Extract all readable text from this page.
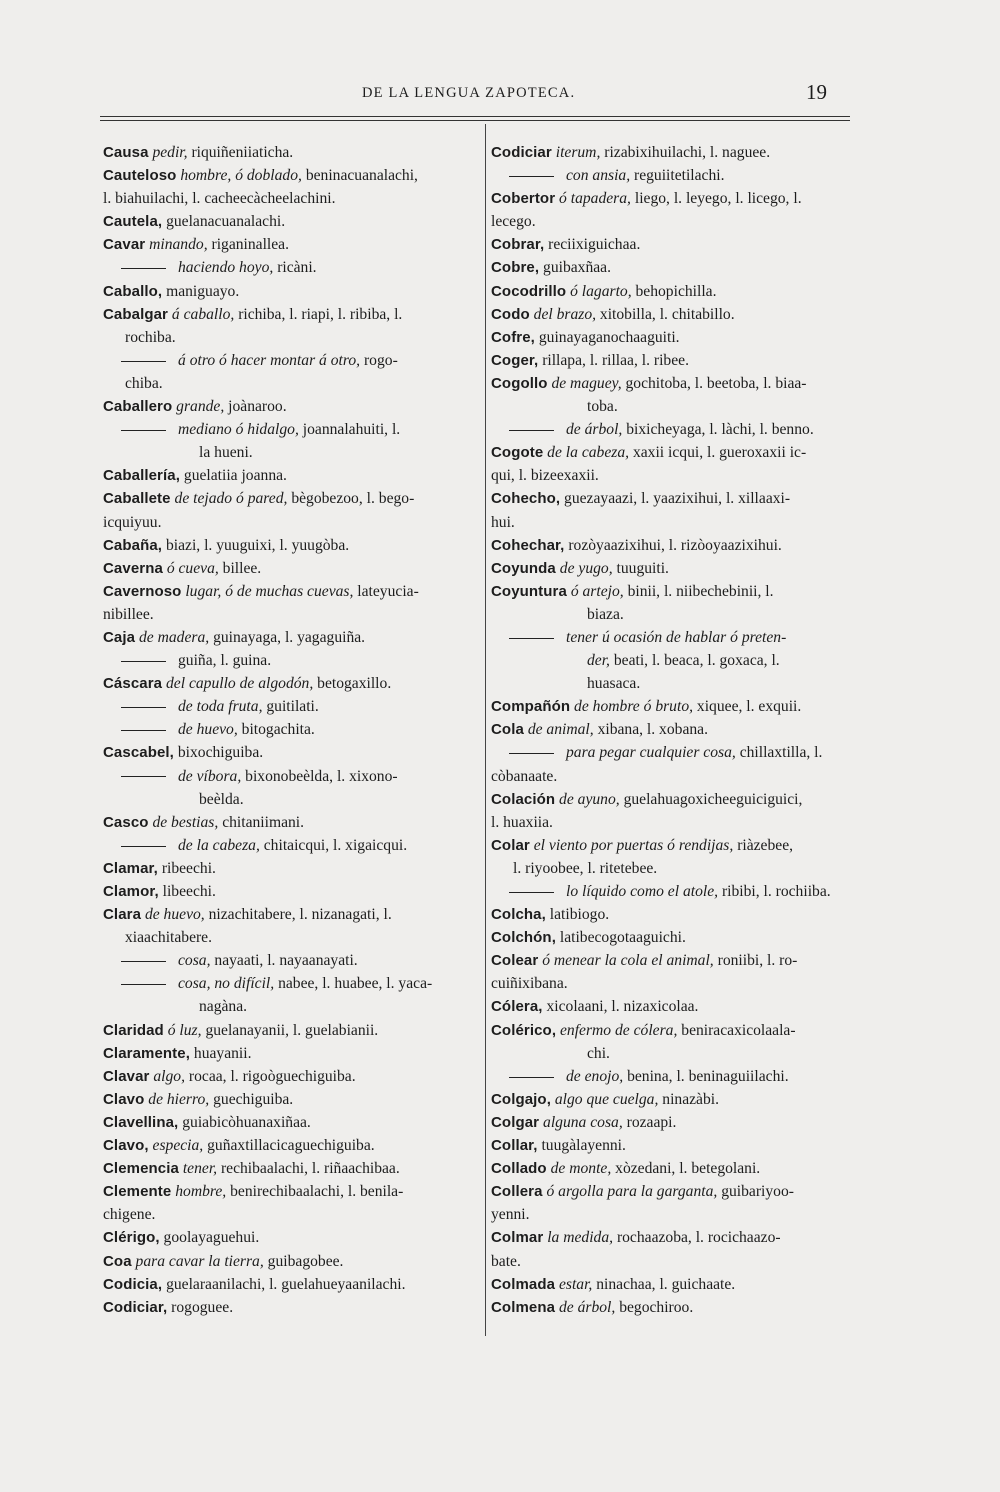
DE LA LENGUA ZAPOTECA.	19
Causa pedir, riquiñeniiaticha.
Cauteloso hombre, ó doblado, beninacuanalachi,
l. biahuilachi, l. cacheecàcheelachini.
Cautela, guelanacuanalachi.
Cavar minando, riganinallea.
haciendo hoyo, ricàni.
Caballo, maniguayo.
Cabalgar á caballo, richiba, l. riapi, l. ribiba, l.
rochiba.
á otro ó hacer montar á otro, rogo-
chiba.
Caballero grande, joànaroo.
mediano ó hidalgo, joannalahuiti, l.
la hueni.
Caballería, guelatiia joanna.
Caballete de tejado ó pared, bègobezoo, l. bego-
icquiyuu.
Cabaña, biazi, l. yuuguixi, l. yuugòba.
Caverna ó cueva, billee.
Cavernoso lugar, ó de muchas cuevas, lateyucia-
nibillee.
Caja de madera, guinayaga, l. yagaguiña.
guiña, l. guina.
Cáscara del capullo de algodón, betogaxillo.
de toda fruta, guitilati.
de huevo, bitogachita.
Cascabel, bixochiguiba.
de víbora, bixonobeèlda, l. xixono-
beèlda.
Casco de bestias, chitaniimani.
de la cabeza, chitaicqui, l. xigaicqui.
Clamar, ribeechi.
Clamor, libeechi.
Clara de huevo, nizachitabere, l. nizanagati, l.
xiaachitabere.
cosa, nayaati, l. nayaanayati.
cosa, no difícil, nabee, l. huabee, l. yaca-
nagàna.
Claridad ó luz, guelanayanii, l. guelabianii.
Claramente, huayanii.
Clavar algo, rocaa, l. rigoòguechiguiba.
Clavo de hierro, guechiguiba.
Clavellina, guiabicòhuanaxiñaa.
Clavo, especia, guñaxtillacicaguechiguiba.
Clemencia tener, rechibaalachi, l. riñaachibaa.
Clemente hombre, benirechibaalachi, l. benila-
chigene.
Clérigo, goolayaguehui.
Coa para cavar la tierra, guibagobee.
Codicia, guelaraanilachi, l. guelahueyaanilachi.
Codiciar, rogoguee.
Codiciar iterum, rizabixihuilachi, l. naguee.
con ansia, reguiitetilachi.
Cobertor ó tapadera, liego, l. leyego, l. licego, l.
lecego.
Cobrar, reciixiguichaa.
Cobre, guibaxñaa.
Cocodrillo ó lagarto, behopichilla.
Codo del brazo, xitobilla, l. chitabillo.
Cofre, guinayaganochaaguiti.
Coger, rillapa, l. rillaa, l. ribee.
Cogollo de maguey, gochitoba, l. beetoba, l. biaa-
toba.
de árbol, bixicheyaga, l. làchi, l. benno.
Cogote de la cabeza, xaxii icqui, l. gueroxaxii ic-
qui, l. bizeexaxii.
Cohecho, guezayaazi, l. yaazixihui, l. xillaaxi-
hui.
Cohechar, rozòyaazixihui, l. rizòoyaazixihui.
Coyunda de yugo, tuuguiti.
Coyuntura ó artejo, binii, l. niibechebinii, l.
biaza.
tener ú ocasión de hablar ó preten-
der, beati, l. beaca, l. goxaca, l.
huasaca.
Compañón de hombre ó bruto, xiquee, l. exquii.
Cola de animal, xibana, l. xobana.
para pegar cualquier cosa, chillaxtilla, l.
còbanaate.
Colación de ayuno, guelahuagoxicheeguiciguici,
l. huaxiia.
Colar el viento por puertas ó rendijas, riàzebee,
l. riyoobee, l. ritetebee.
lo líquido como el atole, ribibi, l. rochiiba.
Colcha, latibiogo.
Colchón, latibecogotaaguichi.
Colear ó menear la cola el animal, roniibi, l. ro-
cuiñixibana.
Cólera, xicolaani, l. nizaxicolaa.
Colérico, enfermo de cólera, beniracaxicolaala-
chi.
de enojo, benina, l. beninaguiilachi.
Colgajo, algo que cuelga, ninazàbi.
Colgar alguna cosa, rozaapi.
Collar, tuugàlayenni.
Collado de monte, xòzedani, l. betegolani.
Collera ó argolla para la garganta, guibariyoo-
yenni.
Colmar la medida, rochaazoba, l. rocichaazo-
bate.
Colmada estar, ninachaa, l. guichaate.
Colmena de árbol, begochiroo.
